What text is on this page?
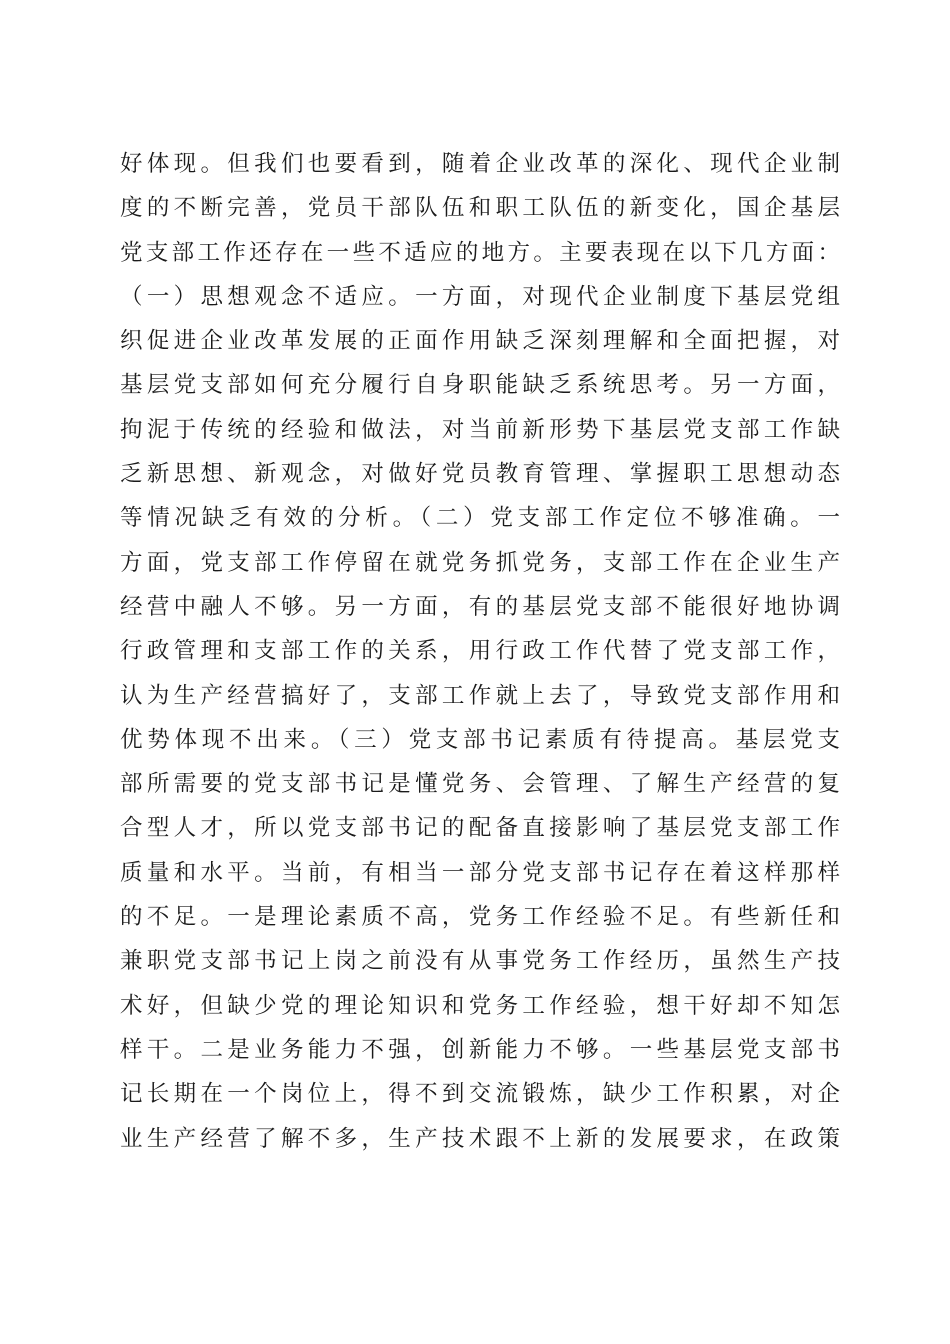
好体现。但我们也要看到，随着企业改革的深化、现代企业制
度的不断完善，党员干部队伍和职工队伍的新变化，国企基层
党支部工作还存在一些不适应的地方。主要表现在以下几方面：
（一）思想观念不适应。一方面，对现代企业制度下基层党组
织促进企业改革发展的正面作用缺乏深刻理解和全面把握，对
基层党支部如何充分履行自身职能缺乏系统思考。另一方面，
拘泥于传统的经验和做法，对当前新形势下基层党支部工作缺
乏新思想、新观念，对做好党员教育管理、掌握职工思想动态
等情况缺乏有效的分析。（二）党支部工作定位不够准确。一
方面，党支部工作停留在就党务抓党务，支部工作在企业生产
经营中融人不够。另一方面，有的基层党支部不能很好地协调
行政管理和支部工作的关系，用行政工作代替了党支部工作，
认为生产经营搞好了，支部工作就上去了，导致党支部作用和
优势体现不出来。（三）党支部书记素质有待提高。基层党支
部所需要的党支部书记是懂党务、会管理、了解生产经营的复
合型人才，所以党支部书记的配备直接影响了基层党支部工作
质量和水平。当前，有相当一部分党支部书记存在着这样那样
的不足。一是理论素质不高，党务工作经验不足。有些新任和
兼职党支部书记上岗之前没有从事党务工作经历，虽然生产技
术好，但缺少党的理论知识和党务工作经验，想干好却不知怎
样干。二是业务能力不强，创新能力不够。一些基层党支部书
记长期在一个岗位上，得不到交流锻炼，缺少工作积累，对企
业生产经营了解不多，生产技术跟不上新的发展要求，在政策
